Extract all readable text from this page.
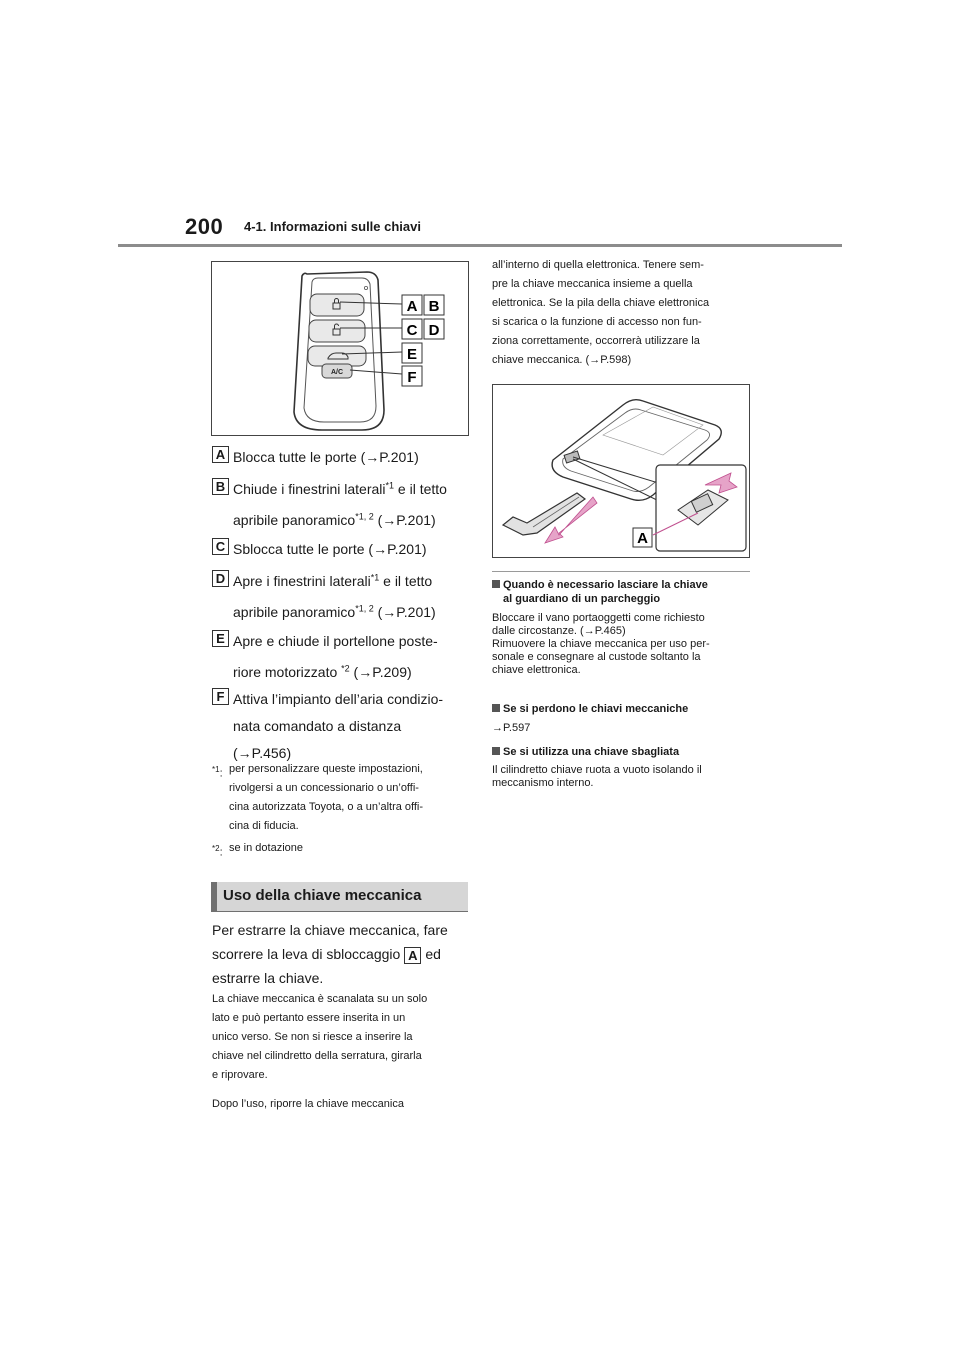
200 4-1. Informazioni sulle chiavi
A/C
A B
C D
E
F
A Blocca tutte le porte (→P.201)
B Chiude i finestrini laterali$^{*1}$ e il tetto
apribile panoramico$^{*1, 2}$ (→P.201)
C Sblocca tutte le porte (→P.201)
D Apre i finestrini laterali$^{*1}$ e il tetto
apribile panoramico$^{*1, 2}$ (→P.201)
E Apre e chiude il portellone poste-
riore motorizzato $^{*2}$ (→P.209)
F Attiva l’impianto dell’aria condizio-
nata comandato a distanza
(→P.456)
$^{*1}$: per personalizzare queste impostazioni,
rivolgersi a un concessionario o un’offi-
cina autorizzata Toyota, o a un’altra offi-
cina di fiducia.
$^{*2}$: se in dotazione
Uso della chiave meccanica
Per estrarre la chiave meccanica, fare
scorrere la leva di sbloccaggio A ed
estrarre la chiave.
La chiave meccanica è scanalata su un solo
lato e può pertanto essere inserita in un
unico verso. Se non si riesce a inserire la
chiave nel cilindretto della serratura, girarla
e riprovare.
Dopo l’uso, riporre la chiave meccanica
all’interno di quella elettronica. Tenere sem-
pre la chiave meccanica insieme a quella
elettronica. Se la pila della chiave elettronica
si scarica o la funzione di accesso non fun-
ziona correttamente, occorrerà utilizzare la
chiave meccanica. (→P.598)
A
Quando è necessario lasciare la chiave
al guardiano di un parcheggio
Bloccare il vano portaoggetti come richiesto
dalle circostanze. (→P.465)
Rimuovere la chiave meccanica per uso per-
sonale e consegnare al custode soltanto la
chiave elettronica.
Se si perdono le chiavi meccaniche
→P.597
Se si utilizza una chiave sbagliata
Il cilindretto chiave ruota a vuoto isolando il
meccanismo interno.
